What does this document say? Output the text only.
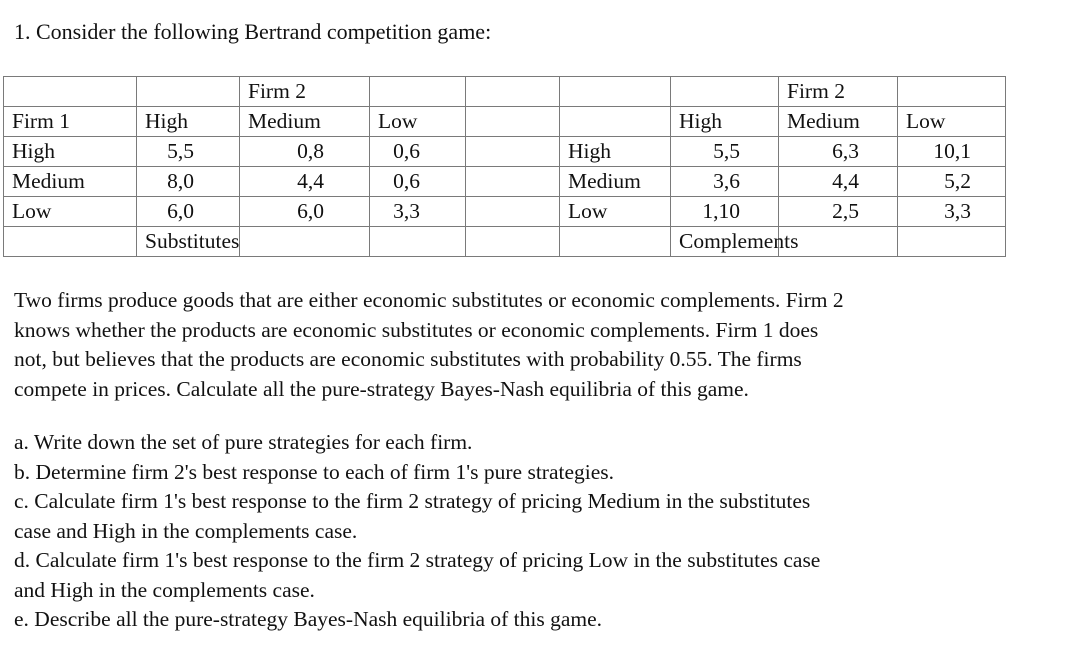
1. Consider the following Bertrand competition game:
		Firm 2					Firm 2	
Firm 1	High	Medium	Low			High	Medium	Low
High	5,5	0,8	0,6		High	5,5	6,3	10,1
Medium	8,0	4,4	0,6		Medium	3,6	4,4	5,2
Low	6,0	6,0	3,3		Low	1,10	2,5	3,3
	Substitutes					Complements		
Two firms produce goods that are either economic substitutes or economic complements. Firm 2
knows whether the products are economic substitutes or economic complements. Firm 1 does
not, but believes that the products are economic substitutes with probability 0.55. The firms
compete in prices. Calculate all the pure-strategy Bayes-Nash equilibria of this game.
a. Write down the set of pure strategies for each firm.
b. Determine firm 2's best response to each of firm 1's pure strategies.
c. Calculate firm 1's best response to the firm 2 strategy of pricing Medium in the substitutes
case and High in the complements case.
d. Calculate firm 1's best response to the firm 2 strategy of pricing Low in the substitutes case
and High in the complements case.
e. Describe all the pure-strategy Bayes-Nash equilibria of this game.
